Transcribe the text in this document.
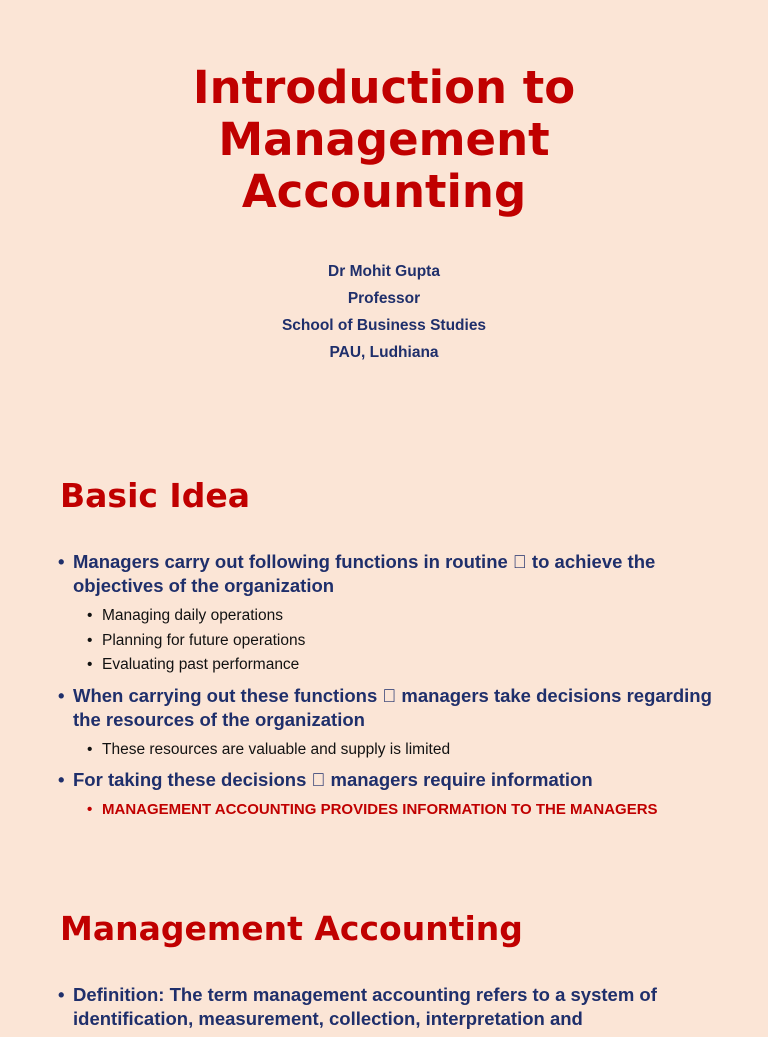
Introduction to
Management
Accounting
Dr Mohit Gupta
Professor
School of Business Studies
PAU, Ludhiana
Basic Idea
• Managers carry out following functions in routine to achieve the objectives of the organization
• Managing daily operations
• Planning for future operations
• Evaluating past performance
• When carrying out these functions managers take decisions regarding the resources of the organization
• These resources are valuable and supply is limited
• For taking these decisions managers require information
• MANAGEMENT ACCOUNTING PROVIDES INFORMATION TO THE MANAGERS
Management Accounting
• Definition: The term management accounting refers to a system of identification, measurement, collection, interpretation and
